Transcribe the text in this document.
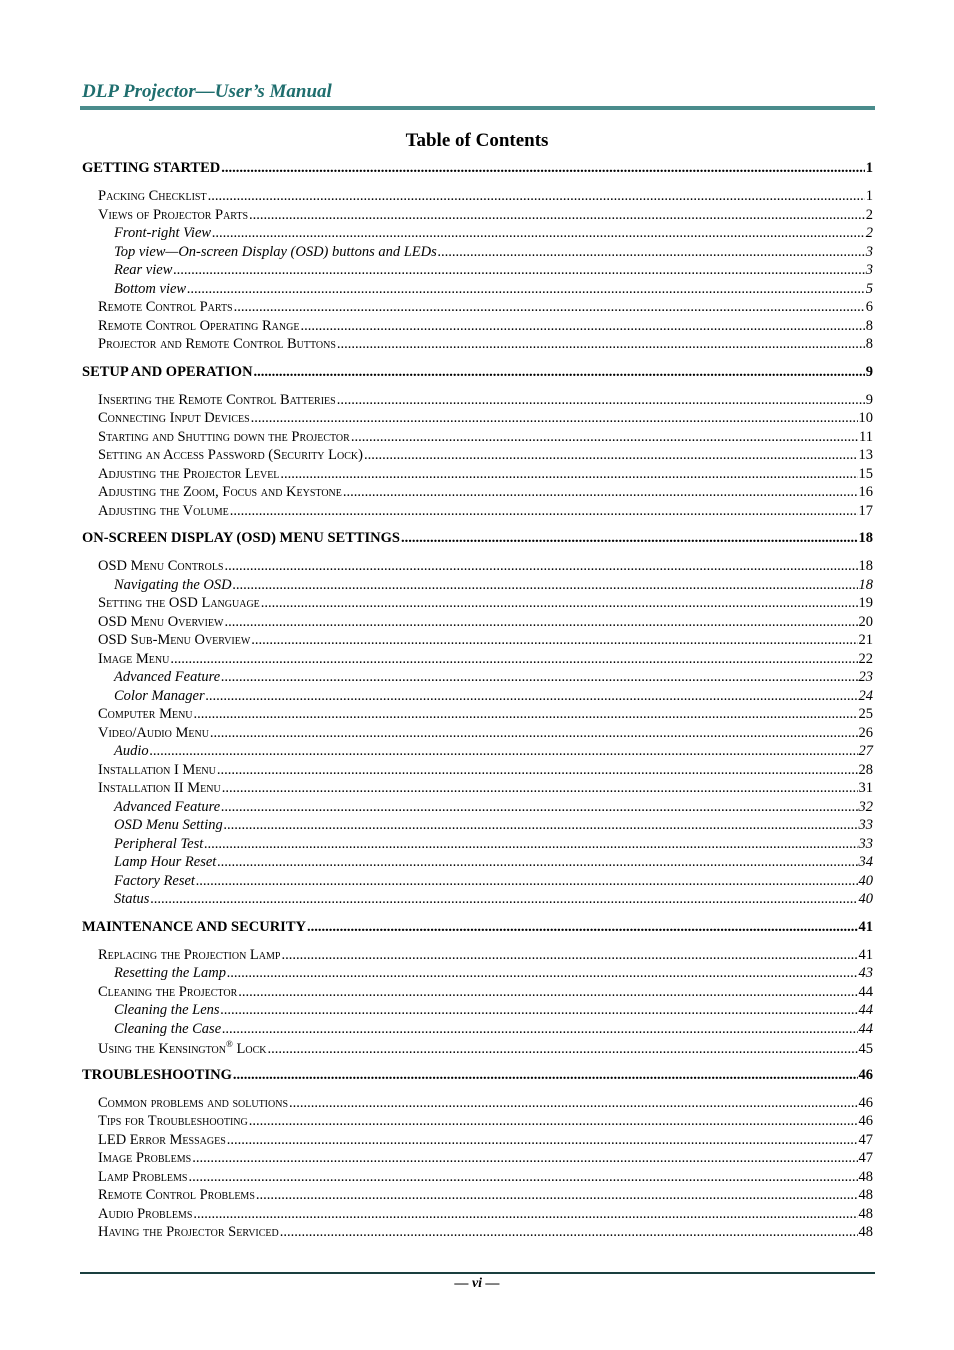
DLP Projector—User’s Manual
Table of Contents
GETTING STARTED .....	1
Packing Checklist .....	1
Views of Projector Parts .....	2
Front-right View .....	2
Top view—On-screen Display (OSD) buttons and LEDs .....	3
Rear view .....	3
Bottom view .....	5
Remote Control Parts .....	6
Remote Control Operating Range .....	8
Projector and Remote Control Buttons .....	8
SETUP AND OPERATION .....	9
Inserting the Remote Control Batteries .....	9
Connecting Input Devices .....	10
Starting and Shutting down the Projector .....	11
Setting an Access Password (Security Lock) .....	13
Adjusting the Projector Level .....	15
Adjusting the Zoom, Focus and Keystone .....	16
Adjusting the Volume .....	17
ON-SCREEN DISPLAY (OSD) MENU SETTINGS .....	18
OSD Menu Controls .....	18
Navigating the OSD .....	18
Setting the OSD Language .....	19
OSD Menu Overview .....	20
OSD Sub-Menu Overview .....	21
Image Menu .....	22
Advanced Feature .....	23
Color Manager .....	24
Computer Menu .....	25
Video/Audio Menu .....	26
Audio .....	27
Installation I Menu .....	28
Installation II Menu .....	31
Advanced Feature .....	32
OSD Menu Setting .....	33
Peripheral Test .....	33
Lamp Hour Reset .....	34
Factory Reset .....	40
Status .....	40
MAINTENANCE AND SECURITY .....	41
Replacing the Projection Lamp .....	41
Resetting the Lamp .....	43
Cleaning the Projector .....	44
Cleaning the Lens .....	44
Cleaning the Case .....	44
Using the Kensington® Lock .....	45
TROUBLESHOOTING .....	46
Common problems and solutions .....	46
Tips for Troubleshooting .....	46
LED Error Messages .....	47
Image Problems .....	47
Lamp Problems .....	48
Remote Control Problems .....	48
Audio Problems .....	48
Having the Projector Serviced .....	48
— vi —
